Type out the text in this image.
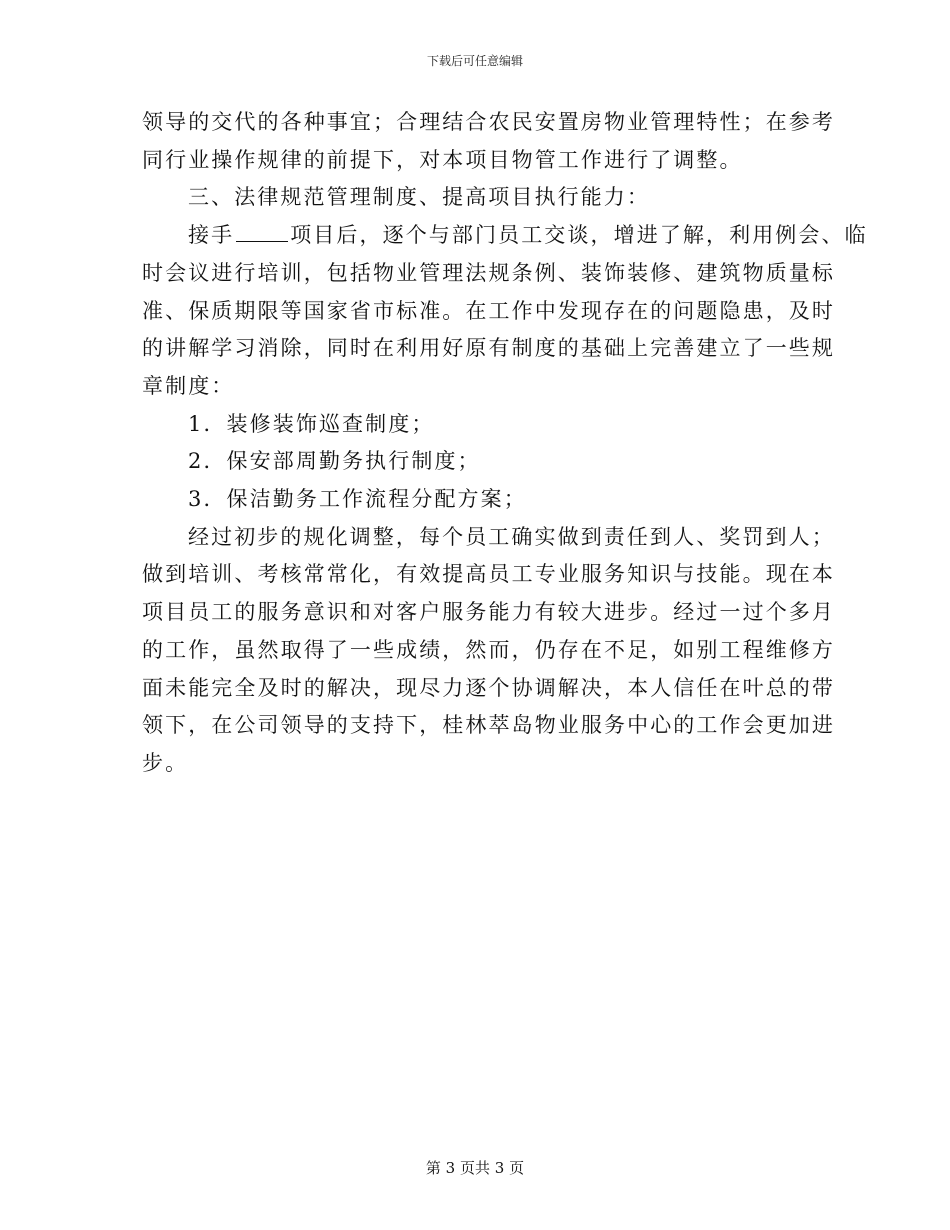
下载后可任意编辑

领导的交代的各种事宜；合理结合农民安置房物业管理特性；在参考

同行业操作规律的前提下，对本项目物管工作进行了调整。

三、法律规范管理制度、提高项目执行能力：

接手	项目后，逐个与部门员工交谈，增进了解，利用例会、临

时会议进行培训，包括物业管理法规条例、装饰装修、建筑物质量标

准、保质期限等国家省市标准。在工作中发现存在的问题隐患，及时

的讲解学习消除，同时在利用好原有制度的基础上完善建立了一些规

章制度：

1．装修装饰巡查制度；

2．保安部周勤务执行制度；

3．保洁勤务工作流程分配方案；

经过初步的规化调整，每个员工确实做到责任到人、奖罚到人；

做到培训、考核常常化，有效提高员工专业服务知识与技能。现在本

项目员工的服务意识和对客户服务能力有较大进步。经过一过个多月

的工作，虽然取得了一些成绩，然而，仍存在不足，如别工程维修方

面未能完全及时的解决，现尽力逐个协调解决，本人信任在叶总的带

领下，在公司领导的支持下，桂林萃岛物业服务中心的工作会更加进

步。

第 3 页共 3 页
